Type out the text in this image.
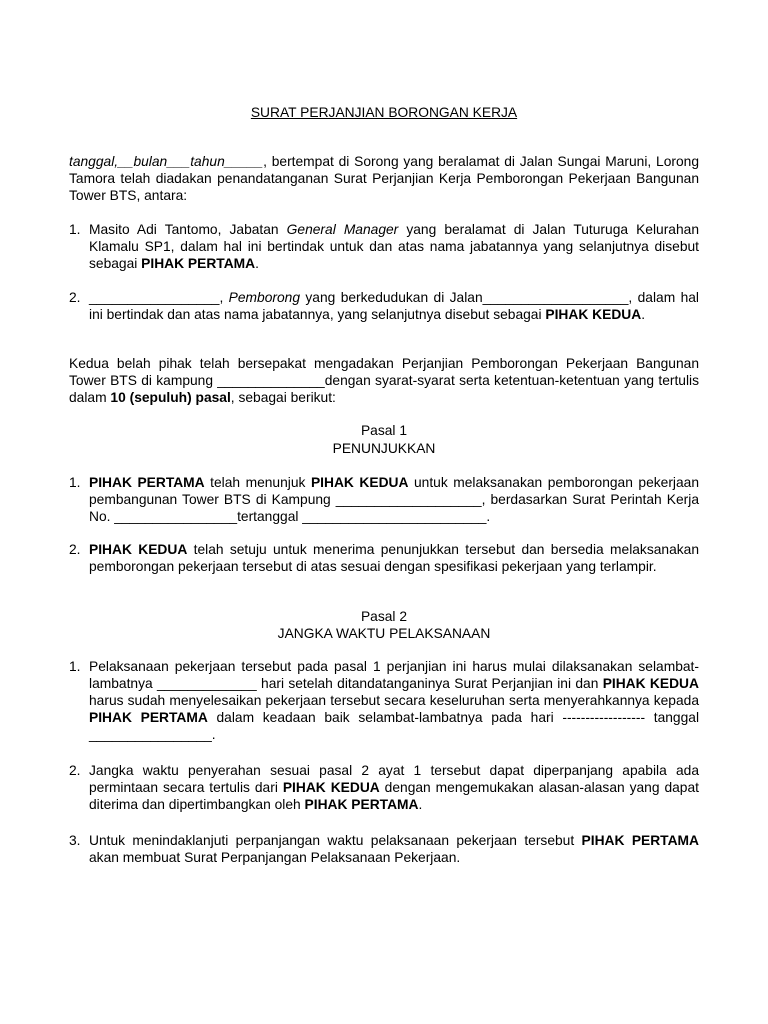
SURAT PERJANJIAN BORONGAN KERJA

tanggal,__bulan___tahun_____, bertempat di Sorong yang beralamat di Jalan Sungai Maruni, Lorong Tamora telah diadakan penandatanganan Surat Perjanjian Kerja Pemborongan Pekerjaan Bangunan Tower BTS, antara:

1. Masito Adi Tantomo, Jabatan General Manager yang beralamat di Jalan Tuturuga Kelurahan Klamalu SP1, dalam hal ini bertindak untuk dan atas nama jabatannya yang selanjutnya disebut sebagai PIHAK PERTAMA.

2. _________________, Pemborong yang berkedudukan di Jalan___________________, dalam hal ini bertindak dan atas nama jabatannya, yang selanjutnya disebut sebagai PIHAK KEDUA.

Kedua belah pihak telah bersepakat mengadakan Perjanjian Pemborongan Pekerjaan Bangunan Tower BTS di kampung ______________dengan syarat-syarat serta ketentuan-ketentuan yang tertulis dalam 10 (sepuluh) pasal, sebagai berikut:

Pasal 1
PENUNJUKKAN

1. PIHAK PERTAMA telah menunjuk PIHAK KEDUA untuk melaksanakan pemborongan pekerjaan pembangunan Tower BTS di Kampung ___________________, berdasarkan Surat Perintah Kerja No. ________________tertanggal ________________________.

2. PIHAK KEDUA telah setuju untuk menerima penunjukkan tersebut dan bersedia melaksanakan pemborongan pekerjaan tersebut di atas sesuai dengan spesifikasi pekerjaan yang terlampir.

Pasal 2
JANGKA WAKTU PELAKSANAAN

1. Pelaksanaan pekerjaan tersebut pada pasal 1 perjanjian ini harus mulai dilaksanakan selambat-lambatnya _____________ hari setelah ditandatanganinya Surat Perjanjian ini dan PIHAK KEDUA harus sudah menyelesaikan pekerjaan tersebut secara keseluruhan serta menyerahkannya kepada PIHAK PERTAMA dalam keadaan baik selambat-lambatnya pada hari ------------------ tanggal ________________.

2. Jangka waktu penyerahan sesuai pasal 2 ayat 1 tersebut dapat diperpanjang apabila ada permintaan secara tertulis dari PIHAK KEDUA dengan mengemukakan alasan-alasan yang dapat diterima dan dipertimbangkan oleh PIHAK PERTAMA.

3. Untuk menindaklanjuti perpanjangan waktu pelaksanaan pekerjaan tersebut PIHAK PERTAMA akan membuat Surat Perpanjangan Pelaksanaan Pekerjaan.
